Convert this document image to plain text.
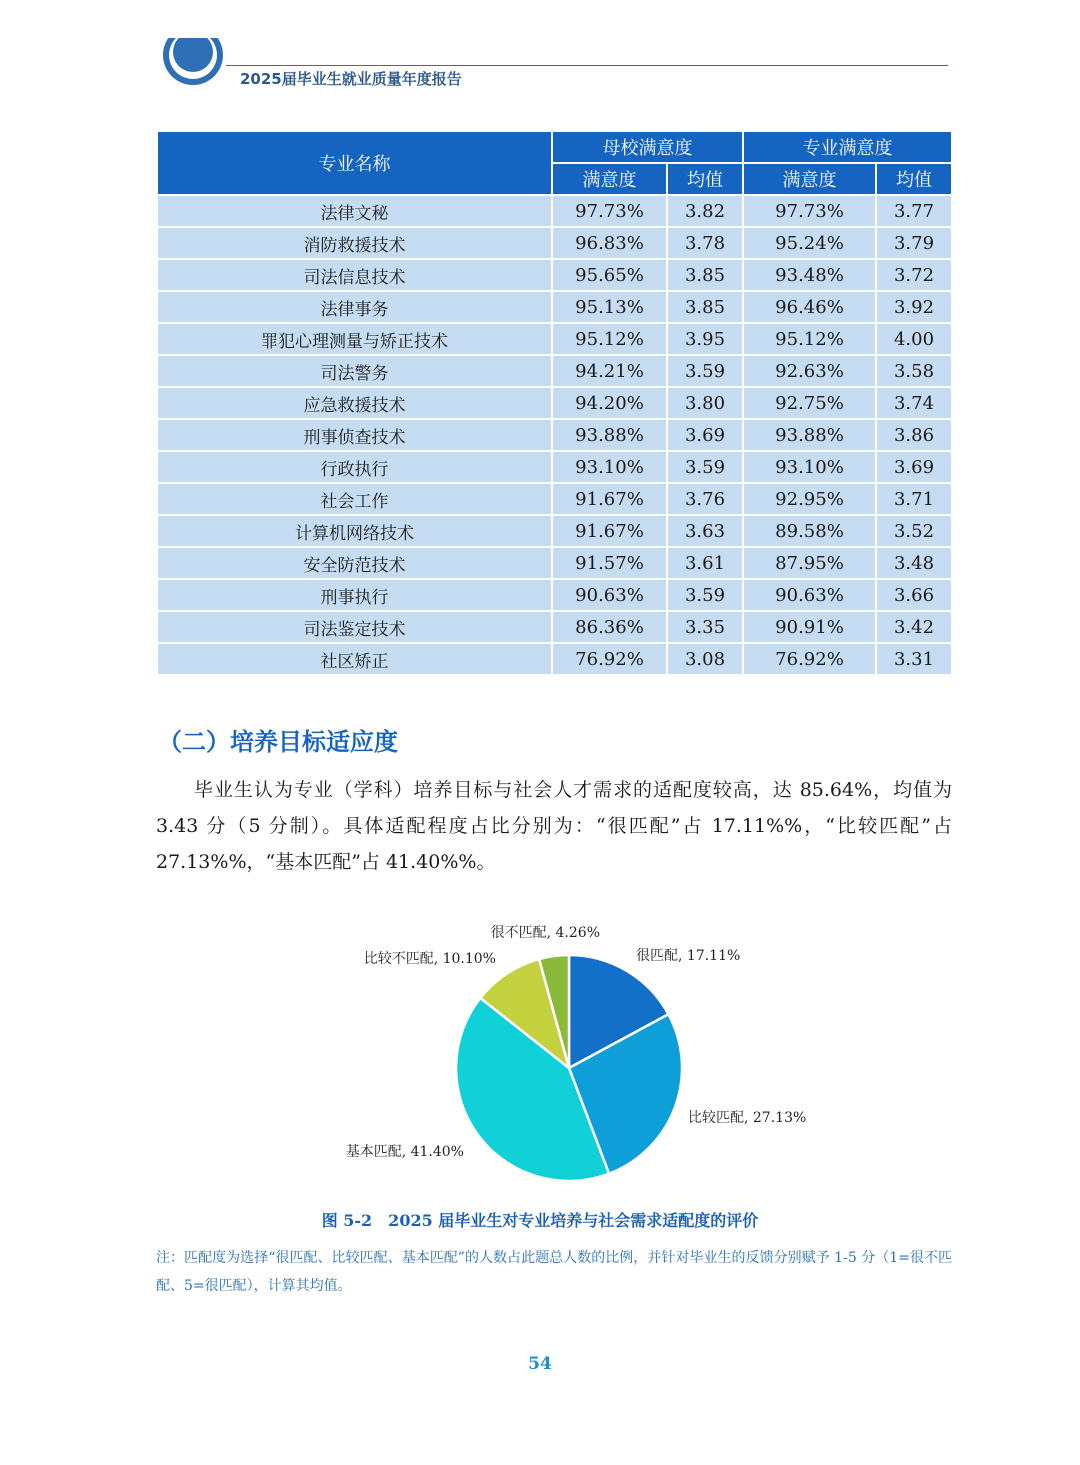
2025届毕业生就业质量年度报告
专业名称	母校满意度		专业满意度	
	满意度	均值	满意度	均值
法律文秘	97.73%	3.82	97.73%	3.77
消防救援技术	96.83%	3.78	95.24%	3.79
司法信息技术	95.65%	3.85	93.48%	3.72
法律事务	95.13%	3.85	96.46%	3.92
罪犯心理测量与矫正技术	95.12%	3.95	95.12%	4.00
司法警务	94.21%	3.59	92.63%	3.58
应急救援技术	94.20%	3.80	92.75%	3.74
刑事侦查技术	93.88%	3.69	93.88%	3.86
行政执行	93.10%	3.59	93.10%	3.69
社会工作	91.67%	3.76	92.95%	3.71
计算机网络技术	91.67%	3.63	89.58%	3.52
安全防范技术	91.57%	3.61	87.95%	3.48
刑事执行	90.63%	3.59	90.63%	3.66
司法鉴定技术	86.36%	3.35	90.91%	3.42
社区矫正	76.92%	3.08	76.92%	3.31
（二）培养目标适应度
毕业生认为专业（学科）培养目标与社会人才需求的适配度较高，达 85.64%，均值为 3.43 分（5 分制）。具体适配程度占比分别为：“很匹配”占 17.11%%，“比较匹配”占 27.13%%，“基本匹配”占 41.40%%。
很匹配, 17.11%
比较匹配, 27.13%
基本匹配, 41.40%
比较不匹配, 10.10%
很不匹配, 4.26%
图 5-2　2025 届毕业生对专业培养与社会需求适配度的评价
注：匹配度为选择“很匹配、比较匹配、基本匹配”的人数占此题总人数的比例，并针对毕业生的反馈分别赋予 1-5 分（1=很不匹配、5=很匹配），计算其均值。
54
